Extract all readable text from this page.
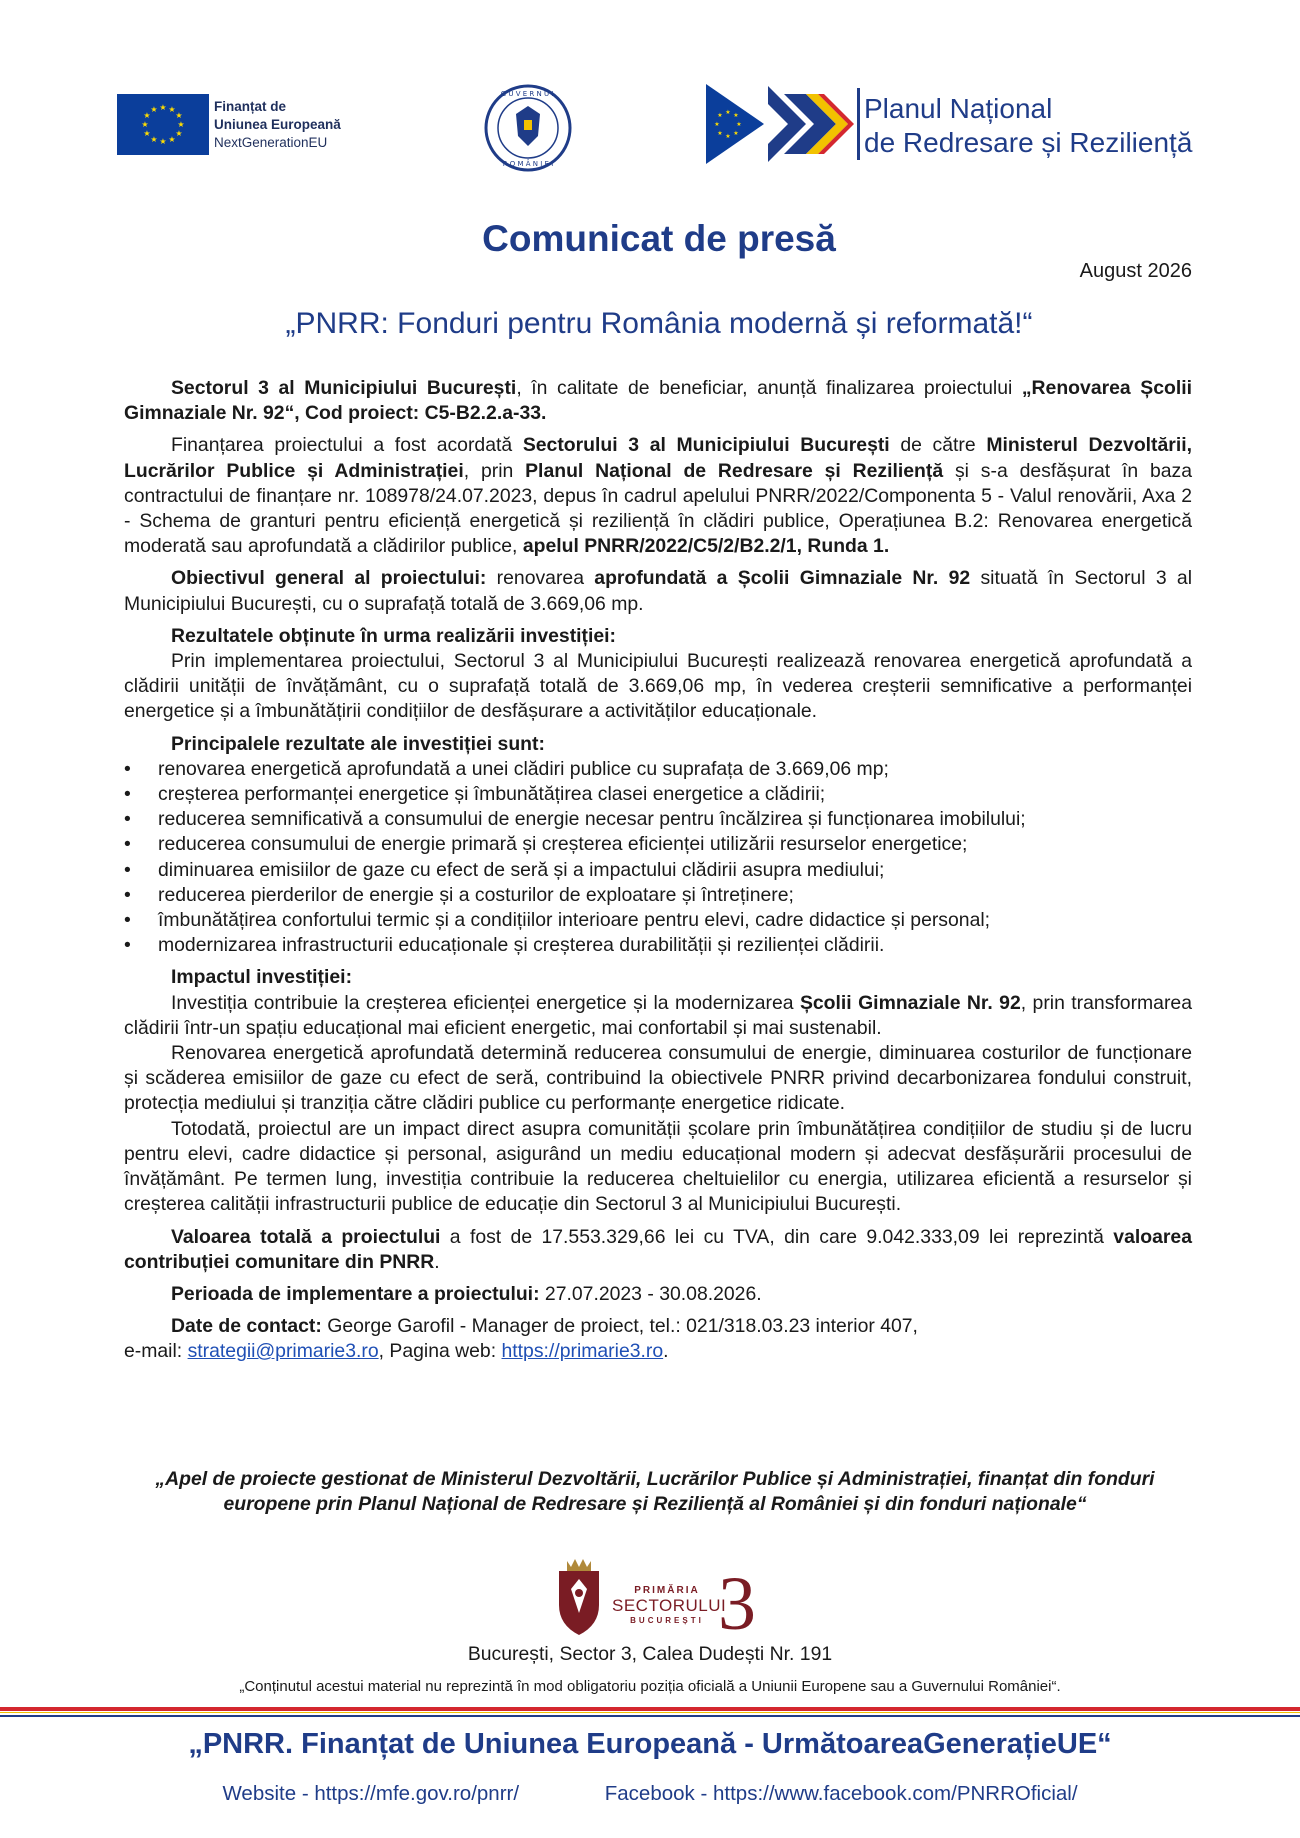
★ ★
★
★
★
★
★
★
★
★
★
★	Finanțat de
Uniunea Europeană
NextGenerationEU
G U V E R N U L
R O M Â N I E I
★ ★
★
★
★
★
★
★	Planul Național
de Redresare și Reziliență
Comunicat de presă
August 2026
„PNRR: Fonduri pentru România modernă și reformată!“

Sectorul 3 al Municipiului București, în calitate de beneficiar, anunță finalizarea proiectului „Renovarea Școlii Gimnaziale Nr. 92“, Cod proiect: C5-B2.2.a-33.

Finanțarea proiectului a fost acordată Sectorului 3 al Municipiului București de către Ministerul Dezvoltării, Lucrărilor Publice și Administrației, prin Planul Național de Redresare și Reziliență și s-a desfășurat în baza contractului de finanțare nr. 108978/24.07.2023, depus în cadrul apelului PNRR/2022/Componenta 5 - Valul renovării, Axa 2 - Schema de granturi pentru eficiență energetică și reziliență în clădiri publice, Operațiunea B.2: Renovarea energetică moderată sau aprofundată a clădirilor publice, apelul PNRR/2022/C5/2/B2.2/1, Runda 1.

Obiectivul general al proiectului: renovarea aprofundată a Școlii Gimnaziale Nr. 92 situată în Sectorul 3 al Municipiului București, cu o suprafață totală de 3.669,06 mp.

Rezultatele obținute în urma realizării investiției:

Prin implementarea proiectului, Sectorul 3 al Municipiului București realizează renovarea energetică aprofundată a clădirii unității de învățământ, cu o suprafață totală de 3.669,06 mp, în vederea creșterii semnificative a performanței energetice și a îmbunătățirii condițiilor de desfășurare a activităților educaționale.

Principalele rezultate ale investiției sunt:

• renovarea energetică aprofundată a unei clădiri publice cu suprafața de 3.669,06 mp;
• creșterea performanței energetice și îmbunătățirea clasei energetice a clădirii;
• reducerea semnificativă a consumului de energie necesar pentru încălzirea și funcționarea imobilului;
• reducerea consumului de energie primară și creșterea eficienței utilizării resurselor energetice;
• diminuarea emisiilor de gaze cu efect de seră și a impactului clădirii asupra mediului;
• reducerea pierderilor de energie și a costurilor de exploatare și întreținere;
• îmbunătățirea confortului termic și a condițiilor interioare pentru elevi, cadre didactice și personal;
• modernizarea infrastructurii educaționale și creșterea durabilității și rezilienței clădirii.

Impactul investiției:

Investiția contribuie la creșterea eficienței energetice și la modernizarea Școlii Gimnaziale Nr. 92, prin transformarea clădirii într-un spațiu educațional mai eficient energetic, mai confortabil și mai sustenabil.

Renovarea energetică aprofundată determină reducerea consumului de energie, diminuarea costurilor de funcționare și scăderea emisiilor de gaze cu efect de seră, contribuind la obiectivele PNRR privind decarbonizarea fondului construit, protecția mediului și tranziția către clădiri publice cu performanțe energetice ridicate.

Totodată, proiectul are un impact direct asupra comunității școlare prin îmbunătățirea condițiilor de studiu și de lucru pentru elevi, cadre didactice și personal, asigurând un mediu educațional modern și adecvat desfășurării procesului de învățământ. Pe termen lung, investiția contribuie la reducerea cheltuielilor cu energia, utilizarea eficientă a resurselor și creșterea calității infrastructurii publice de educație din Sectorul 3 al Municipiului București.

Valoarea totală a proiectului a fost de 17.553.329,66 lei cu TVA, din care 9.042.333,09 lei reprezintă valoarea contribuției comunitare din PNRR.

Perioada de implementare a proiectului: 27.07.2023 - 30.08.2026.

Date de contact: George Garofil - Manager de proiect, tel.: 021/318.03.23 interior 407,

e-mail: strategii@primarie3.ro, Pagina web: https://primarie3.ro.

„Apel de proiecte gestionat de Ministerul Dezvoltării, Lucrărilor Publice și Administrației, finanțat din fonduri europene prin Planul Național de Redresare și Reziliență al României și din fonduri naționale“
PRIMĂRIA
SECTORULUI
BUCUREȘTI 3
București, Sector 3, Calea Dudești Nr. 191
„Conținutul acestui material nu reprezintă în mod obligatoriu poziția oficială a Uniunii Europene sau a Guvernului României“.
„PNRR. Finanțat de Uniunea Europeană - UrmătoareaGenerațieUE“
Website - https://mfe.gov.ro/pnrr/	Facebook - https://www.facebook.com/PNRROficial/
